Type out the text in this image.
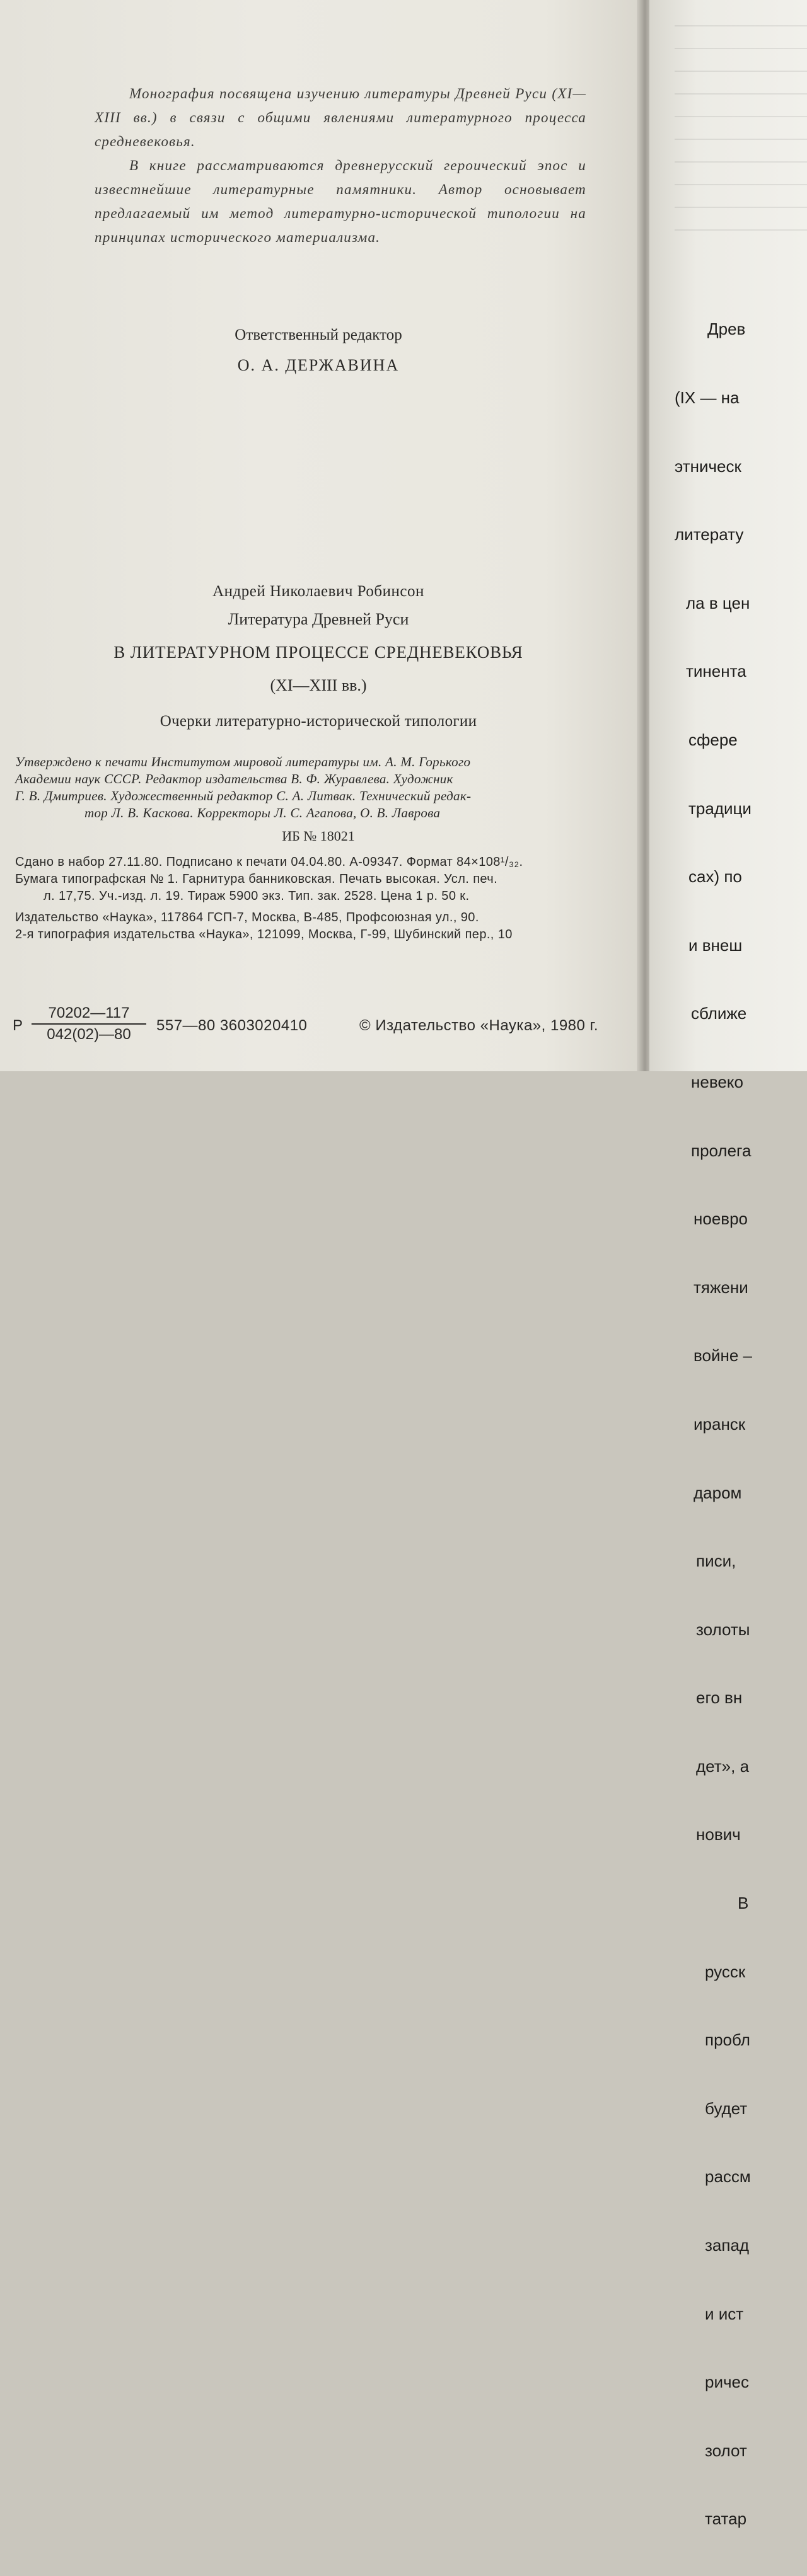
Древ

(IX — на

этническ

литерату

ла в цен

тинента

сфере

традици

сах) по

и внеш

сближе

невеко

пролега

ноевро

тяжени

войне –

иранск

даром

писи,

золоты

его вн

дет», а

нович

В

русск

пробл

будет

рассм

запад

и ист

ричес

золот

татар

Монография посвящена изучению литературы Древней Руси (XI—XIII вв.) в связи с общими явлениями литературного процесса средневековья.

В книге рассматриваются древнерусский героический эпос и известнейшие литературные памятники. Автор основывает предлагаемый им метод литературно-исторической типологии на принципах исторического материализма.

Ответственный редактор
О. А. ДЕРЖАВИНА
Андрей Николаевич Робинсон
Литература Древней Руси
В ЛИТЕРАТУРНОМ ПРОЦЕССЕ СРЕДНЕВЕКОВЬЯ
(XI—XIII вв.)
Очерки литературно-исторической типологии

Утверждено к печати Институтом мировой литературы им. А. М. Горького

Академии наук СССР. Редактор издательства В. Ф. Журавлева. Художник

Г. В. Дмитриев. Художественный редактор С. А. Литвак. Технический редак-

тор Л. В. Каскова. Корректоры Л. С. Агапова, О. В. Лаврова

ИБ № 18021

Сдано в набор 27.11.80. Подписано к печати 04.04.80. А-09347. Формат 84×108¹/₃₂.

Бумага типографская № 1. Гарнитура банниковская. Печать высокая. Усл. печ.

л. 17,75. Уч.-изд. л. 19. Тираж 5900 экз. Тип. зак. 2528. Цена 1 р. 50 к.

Издательство «Наука», 117864 ГСП-7, Москва, В-485, Профсоюзная ул., 90.

2-я типография издательства «Наука», 121099, Москва, Г-99, Шубинский пер., 10

Р $\frac{70202—117}{042(02)—80}$ 557—80 3603020410	© Издательство «Наука», 1980 г.
